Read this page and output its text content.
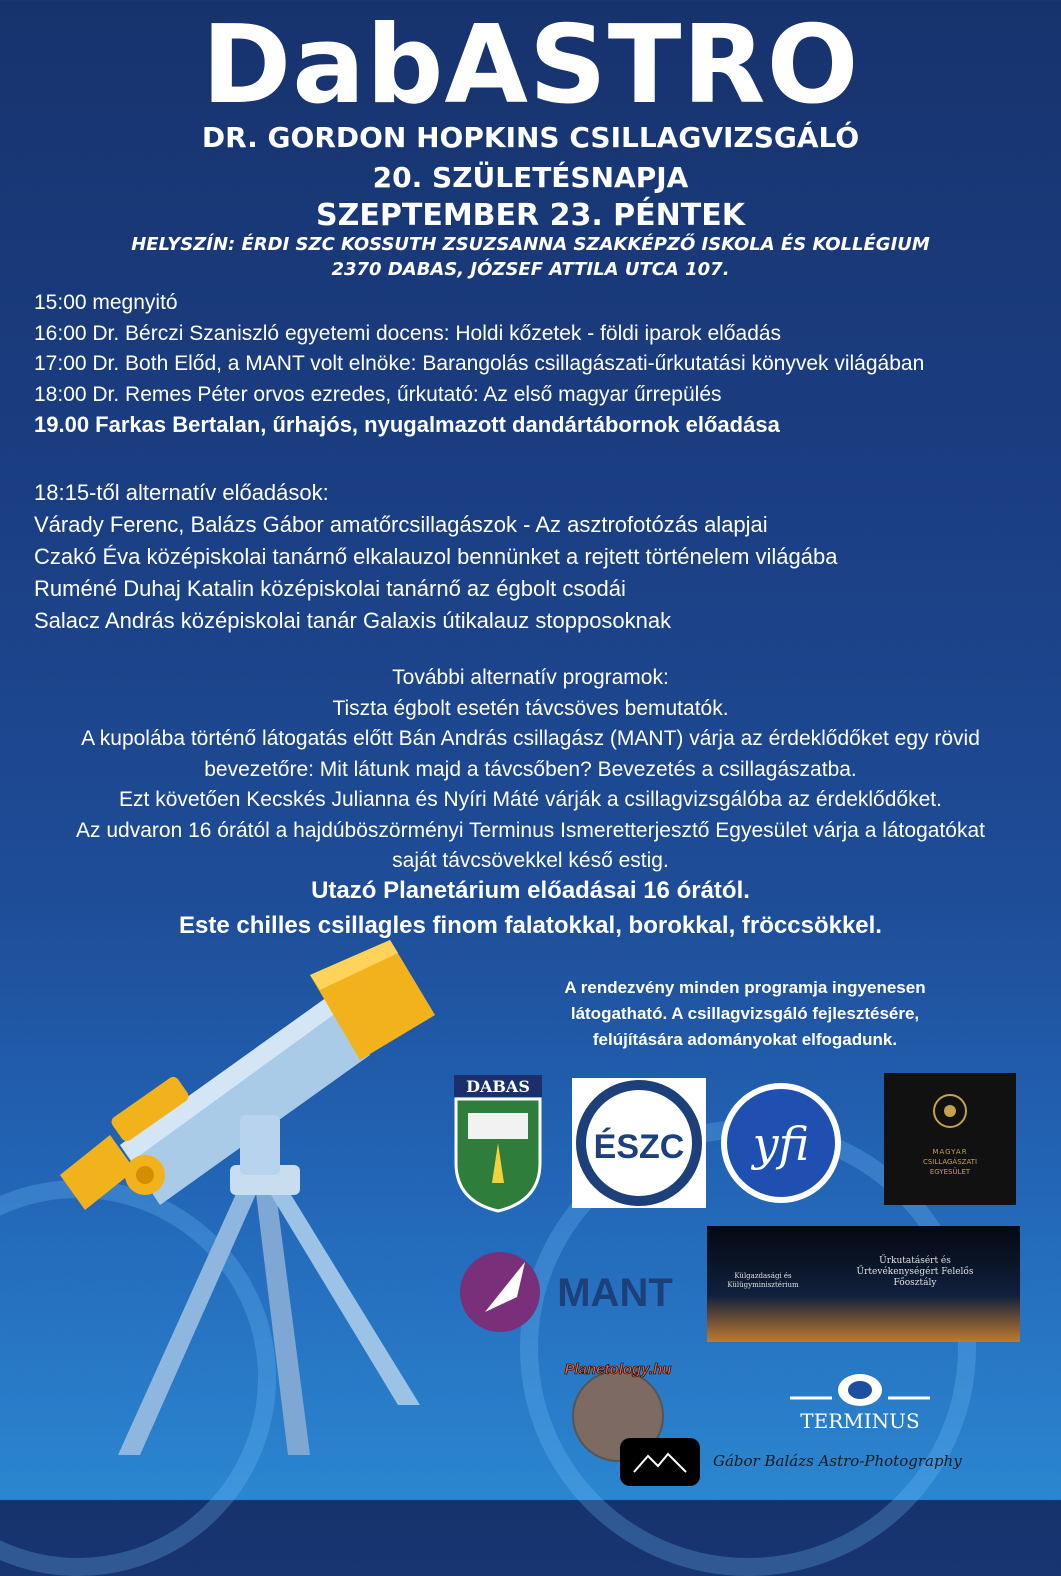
DabASTRO
DR. GORDON HOPKINS CSILLAGVIZSGÁLÓ
20. SZÜLETÉSNAPJA
SZEPTEMBER 23. PÉNTEK
HELYSZÍN: ÉRDI SZC KOSSUTH ZSUZSANNA SZAKKÉPZŐ ISKOLA ÉS KOLLÉGIUM
2370 DABAS, JÓZSEF ATTILA UTCA 107.
15:00 megnyitó
16:00 Dr. Bérczi Szaniszló egyetemi docens: Holdi kőzetek - földi iparok előadás
17:00 Dr. Both Előd, a MANT volt elnöke: Barangolás csillagászati-űrkutatási könyvek világában
18:00 Dr. Remes Péter orvos ezredes, űrkutató: Az első magyar űrrepülés
19.00 Farkas Bertalan, űrhajós, nyugalmazott dandártábornok előadása
18:15-től alternatív előadások:
Várady Ferenc, Balázs Gábor amatőrcsillagászok - Az asztrofotózás alapjai
Czakó Éva középiskolai tanárnő elkalauzol bennünket a rejtett történelem világába
Ruméné Duhaj Katalin középiskolai tanárnő az égbolt csodái
Salacz András középiskolai tanár Galaxis útikalauz stopposoknak
További alternatív programok:
Tiszta égbolt esetén távcsöves bemutatók.
A kupolába történő látogatás előtt Bán András csillagász (MANT) várja az érdeklődőket egy rövid
bevezetőre: Mit látunk majd a távcsőben? Bevezetés a csillagászatba.
Ezt követően Kecskés Julianna és Nyíri Máté várják a csillagvizsgálóba az érdeklődőket.
Az udvaron 16 órától a hajdúböszörményi Terminus Ismeretterjesztő Egyesület várja a látogatókat
saját távcsövekkel késő estig.
Utazó Planetárium előadásai 16 órától.
Este chilles csillagles finom falatokkal, borokkal, fröccsökkel.
A rendezvény minden programja ingyenesen
látogatható. A csillagvizsgáló fejlesztésére,
felújítására adományokat elfogadunk.
DABAS
ÉSZC yfi	MAGYAR
CSILLAGÁSZATI
EGYESÜLET
MANT	Külgazdasági és
Külügyminisztérium
Űrkutatásért és
Űrtevékenységért Felelős
Főosztály
Planetology.hu
TERMINUS
Gábor Balázs Astro-Photography
